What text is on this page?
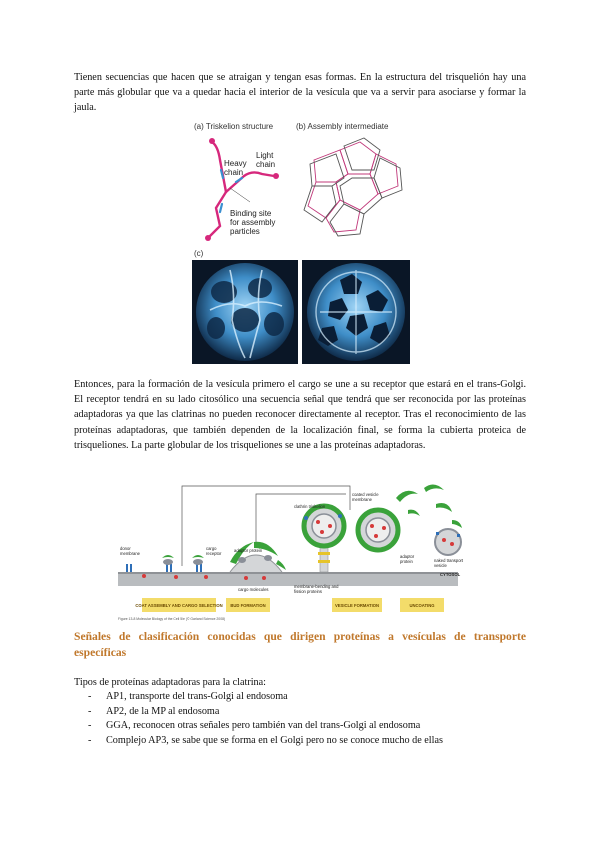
Tienen secuencias que hacen que se atraigan y tengan esas formas. En la estructura del trisquelión hay una parte más globular que va a quedar hacia el interior de la vesícula que va a servir para asociarse y formar la jaula.

(a) Triskelion structure	(b) Assembly intermediate
(c)
Heavy chain
Light chain
Binding site for assembly particles

Entonces, para la formación de la vesícula primero el cargo se une a su receptor que estará en el trans-Golgi. El receptor tendrá en su lado citosólico una secuencia señal que tendrá que ser reconocida por las proteínas adaptadoras ya que las clatrinas no pueden reconocer directamente al receptor. Tras el reconocimiento de las proteínas adaptadoras, que también dependen de la localización final, se forma la cubierta proteica de trisqueliones. La parte globular de los trisqueliones se une a las proteínas adaptadoras.

COAT ASSEMBLY AND CARGO SELECTION BUD FORMATION	VESICLE FORMATION	UNCOATING
donor membrane
cargo receptor
adaptor protein
clathrin triskelion
coated vesicle membrane
cargo molecules
membrane-bending and fission proteins
adaptor protein	naked transport vesicle
CYTOSOL
Figure 13-8 Molecular Biology of the Cell 5/e (© Garland Science 2008)
Señales de clasificación conocidas que dirigen proteínas a vesículas de transporte específicas

Tipos de proteínas adaptadoras para la clatrina:

- AP1, transporte del trans-Golgi al endosoma
- AP2, de la MP al endosoma
- GGA, reconocen otras señales pero también van del trans-Golgi al endosoma
- Complejo AP3, se sabe que se forma en el Golgi pero no se conoce mucho de ellas
